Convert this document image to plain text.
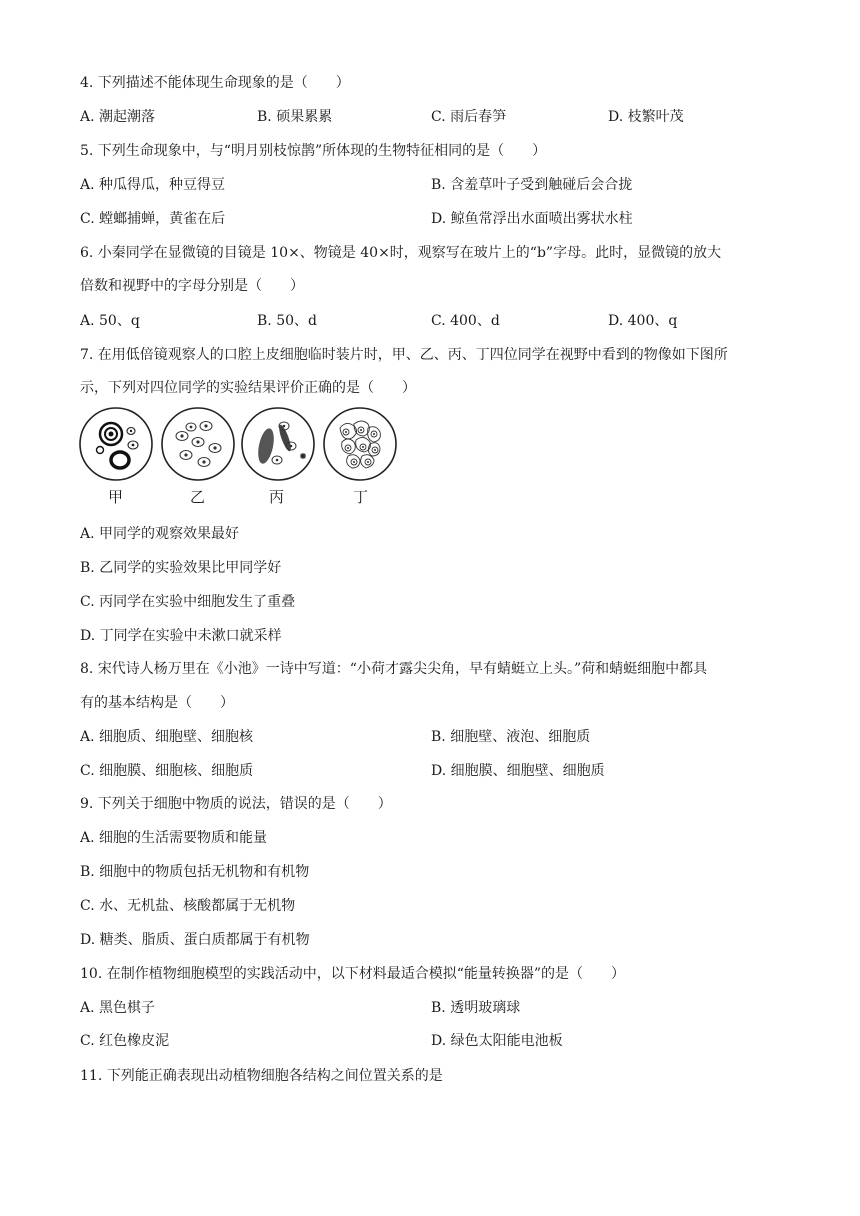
4. 下列描述不能体现生命现象的是（　　）
A. 潮起潮落	B. 硕果累累	C. 雨后春笋	D. 枝繁叶茂
5. 下列生命现象中，与“明月别枝惊鹊”所体现的生物特征相同的是（　　）
A. 种瓜得瓜，种豆得豆	B. 含羞草叶子受到触碰后会合拢
C. 螳螂捕蝉，黄雀在后	D. 鲸鱼常浮出水面喷出雾状水柱
6. 小秦同学在显微镜的目镜是 10×、物镜是 40×时，观察写在玻片上的“b”字母。此时，显微镜的放大
倍数和视野中的字母分别是（　　）
A. 50、q	B. 50、d	C. 400、d	D. 400、q
7. 在用低倍镜观察人的口腔上皮细胞临时装片时，甲、乙、丙、丁四位同学在视野中看到的物像如下图所
示，下列对四位同学的实验结果评价正确的是（　　）
甲	乙	丙	丁
A. 甲同学的观察效果最好
B. 乙同学的实验效果比甲同学好
C. 丙同学在实验中细胞发生了重叠
D. 丁同学在实验中未漱口就采样
8. 宋代诗人杨万里在《小池》一诗中写道：“小荷才露尖尖角，早有蜻蜓立上头。”荷和蜻蜓细胞中都具
有的基本结构是（　　）
A. 细胞质、细胞壁、细胞核	B. 细胞壁、液泡、细胞质
C. 细胞膜、细胞核、细胞质	D. 细胞膜、细胞壁、细胞质
9. 下列关于细胞中物质的说法，错误的是（　　）
A. 细胞的生活需要物质和能量
B. 细胞中的物质包括无机物和有机物
C. 水、无机盐、核酸都属于无机物
D. 糖类、脂质、蛋白质都属于有机物
10. 在制作植物细胞模型的实践活动中，以下材料最适合模拟“能量转换器”的是（　　）
A. 黑色棋子	B. 透明玻璃球
C. 红色橡皮泥	D. 绿色太阳能电池板
11. 下列能正确表现出动植物细胞各结构之间位置关系的是
